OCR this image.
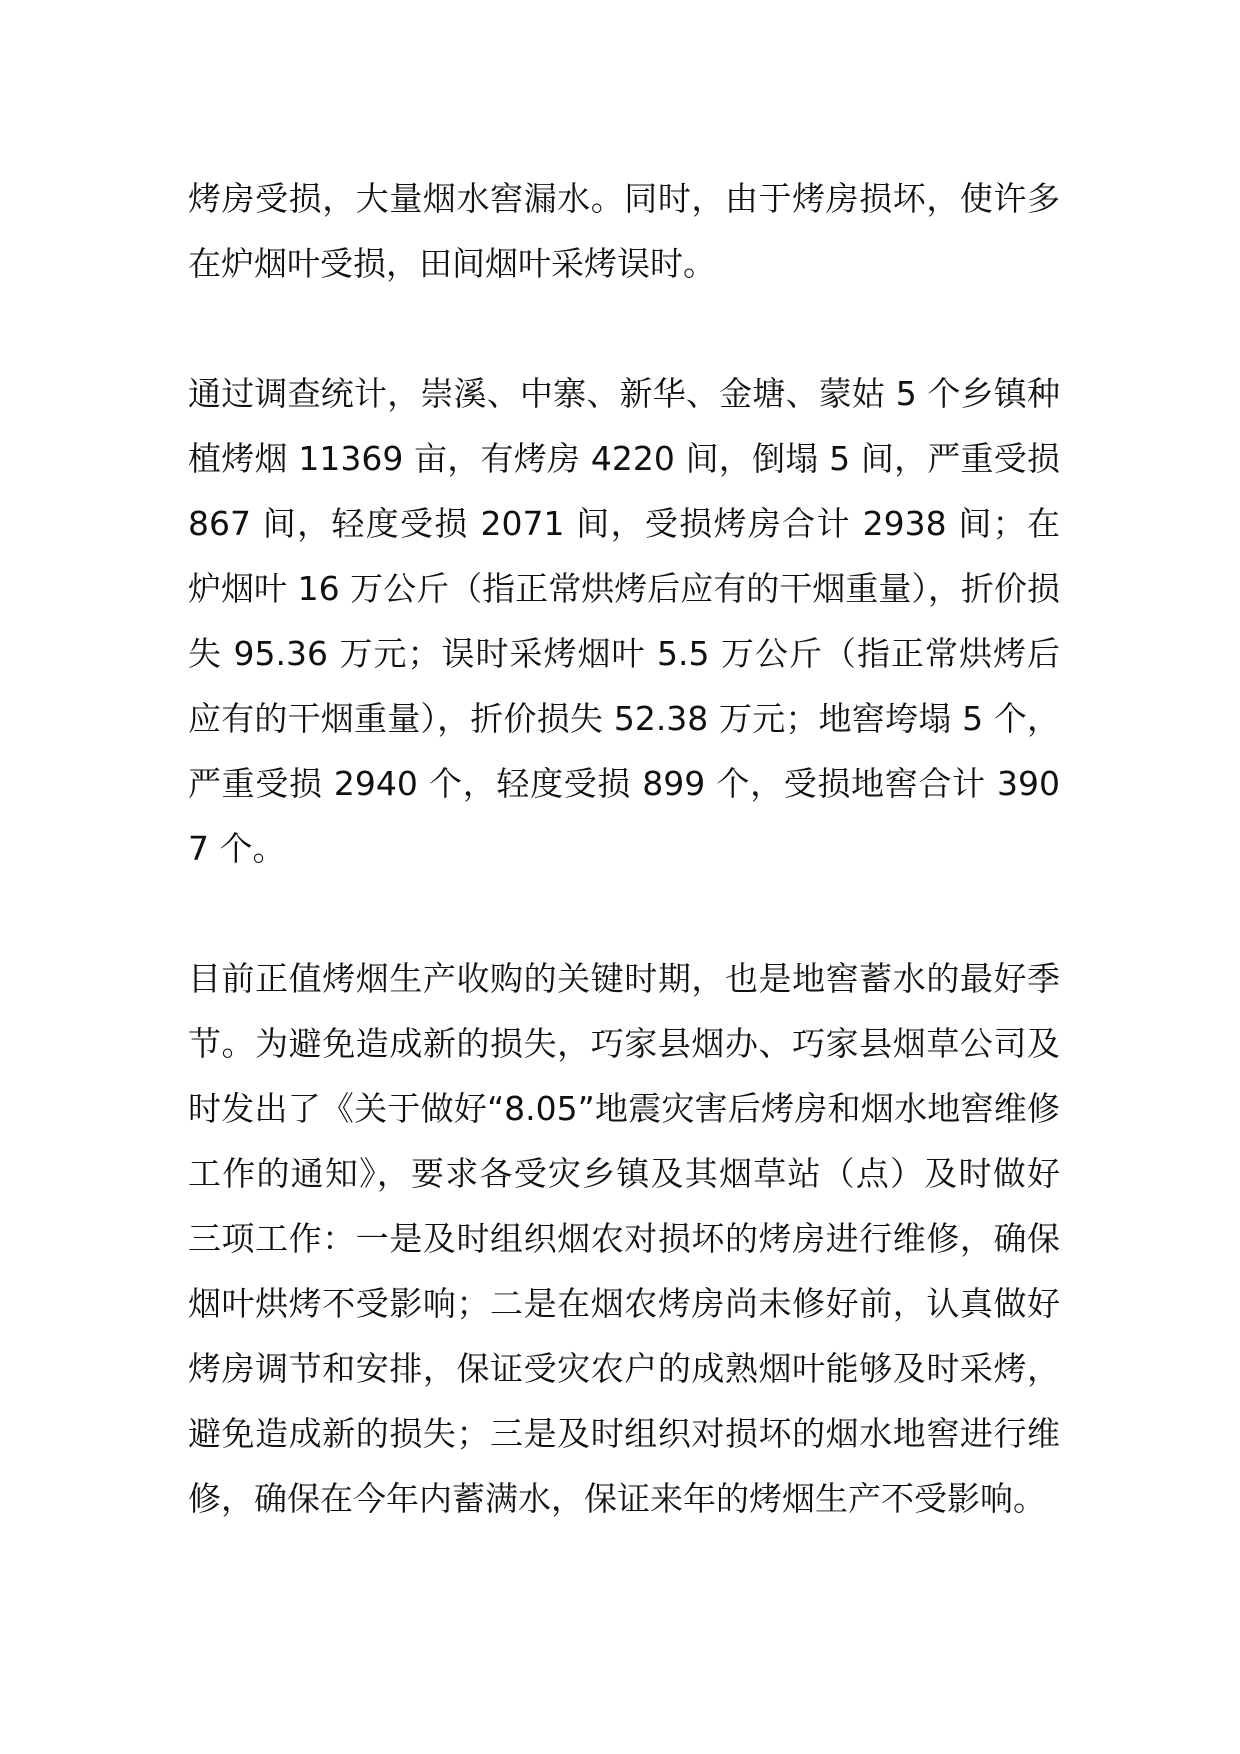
烤房受损，大量烟水窖漏水。同时，由于烤房损坏，使许多在炉烟叶受损，田间烟叶采烤误时。

通过调查统计，崇溪、中寨、新华、金塘、蒙姑 5 个乡镇种植烤烟 11369 亩，有烤房 4220 间，倒塌 5 间，严重受损 867 间，轻度受损 2071 间，受损烤房合计 2938 间；在炉烟叶 16 万公斤（指正常烘烤后应有的干烟重量），折价损失 95.36 万元；误时采烤烟叶 5.5 万公斤（指正常烘烤后应有的干烟重量），折价损失 52.38 万元；地窖垮塌 5 个，严重受损 2940 个，轻度受损 899 个，受损地窖合计 3907 个。

目前正值烤烟生产收购的关键时期，也是地窖蓄水的最好季节。为避免造成新的损失，巧家县烟办、巧家县烟草公司及时发出了《关于做好“8.05”地震灾害后烤房和烟水地窖维修工作的通知》，要求各受灾乡镇及其烟草站（点）及时做好三项工作：一是及时组织烟农对损坏的烤房进行维修，确保烟叶烘烤不受影响；二是在烟农烤房尚未修好前，认真做好烤房调节和安排，保证受灾农户的成熟烟叶能够及时采烤，避免造成新的损失；三是及时组织对损坏的烟水地窖进行维修，确保在今年内蓄满水，保证来年的烤烟生产不受影响。
